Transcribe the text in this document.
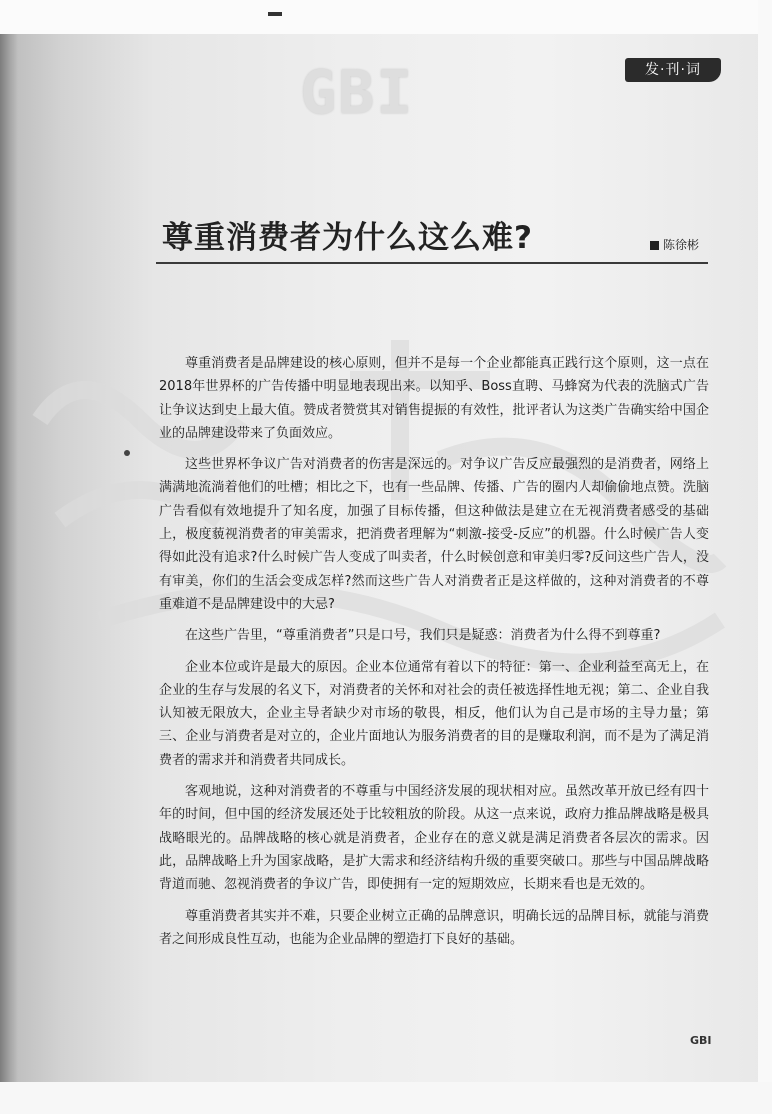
GBI	发·刊·词
尊重消费者为什么这么难?	陈徐彬

尊重消费者是品牌建设的核心原则，但并不是每一个企业都能真正践行这个原则，这一点在2018年世界杯的广告传播中明显地表现出来。以知乎、Boss直聘、马蜂窝为代表的洗脑式广告让争议达到史上最大值。赞成者赞赏其对销售提振的有效性，批评者认为这类广告确实给中国企业的品牌建设带来了负面效应。

这些世界杯争议广告对消费者的伤害是深远的。对争议广告反应最强烈的是消费者，网络上满满地流淌着他们的吐槽；相比之下，也有一些品牌、传播、广告的圈内人却偷偷地点赞。洗脑广告看似有效地提升了知名度，加强了目标传播，但这种做法是建立在无视消费者感受的基础上，极度藐视消费者的审美需求，把消费者理解为“刺激-接受-反应”的机器。什么时候广告人变得如此没有追求?什么时候广告人变成了叫卖者，什么时候创意和审美归零?反问这些广告人，没有审美，你们的生活会变成怎样?然而这些广告人对消费者正是这样做的，这种对消费者的不尊重难道不是品牌建设中的大忌?

在这些广告里，“尊重消费者”只是口号，我们只是疑惑：消费者为什么得不到尊重?

企业本位或许是最大的原因。企业本位通常有着以下的特征：第一、企业利益至高无上，在企业的生存与发展的名义下，对消费者的关怀和对社会的责任被选择性地无视；第二、企业自我认知被无限放大，企业主导者缺少对市场的敬畏，相反，他们认为自己是市场的主导力量；第三、企业与消费者是对立的，企业片面地认为服务消费者的目的是赚取利润，而不是为了满足消费者的需求并和消费者共同成长。

客观地说，这种对消费者的不尊重与中国经济发展的现状相对应。虽然改革开放已经有四十年的时间，但中国的经济发展还处于比较粗放的阶段。从这一点来说，政府力推品牌战略是极具战略眼光的。品牌战略的核心就是消费者，企业存在的意义就是满足消费者各层次的需求。因此，品牌战略上升为国家战略，是扩大需求和经济结构升级的重要突破口。那些与中国品牌战略背道而驰、忽视消费者的争议广告，即使拥有一定的短期效应，长期来看也是无效的。

尊重消费者其实并不难，只要企业树立正确的品牌意识，明确长远的品牌目标，就能与消费者之间形成良性互动，也能为企业品牌的塑造打下良好的基础。

GBI
